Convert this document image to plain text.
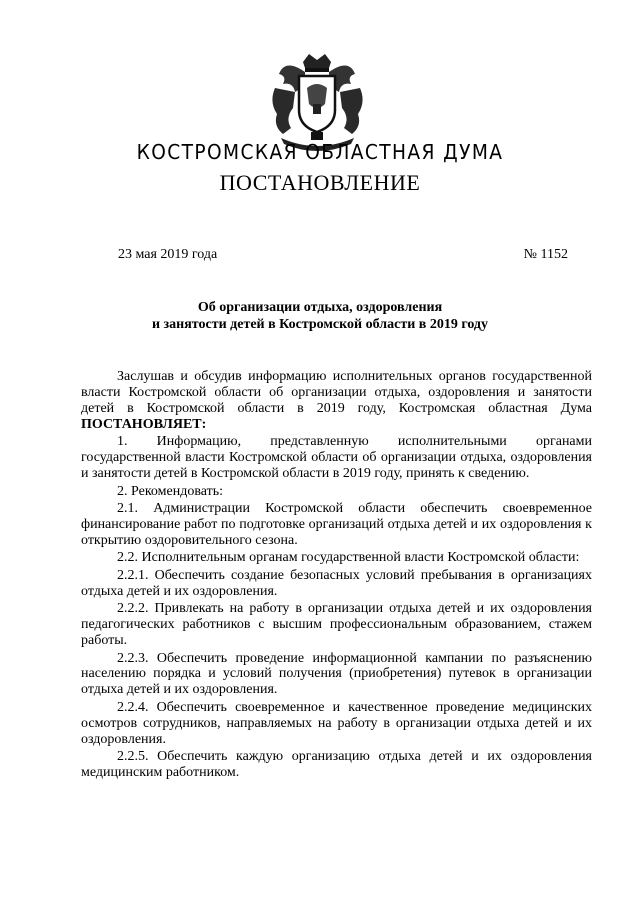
КОСТРОМСКАЯ ОБЛАСТНАЯ ДУМА
ПОСТАНОВЛЕНИЕ
23 мая 2019 года	№ 1152
Об организации отдыха, оздоровления
и занятости детей в Костромской области в 2019 году

Заслушав и обсудив информацию исполнительных органов государственной власти Костромской области об организации отдыха, оздоровления и занятости детей в Костромской области в 2019 году, Костромская областная Дума ПОСТАНОВЛЯЕТ:

1. Информацию, представленную исполнительными органами государственной власти Костромской области об организации отдыха, оздоровления и занятости детей в Костромской области в 2019 году, принять к сведению.

2. Рекомендовать:

2.1. Администрации Костромской области обеспечить своевременное финансирование работ по подготовке организаций отдыха детей и их оздоровления к открытию оздоровительного сезона.

2.2. Исполнительным органам государственной власти Костромской области:

2.2.1. Обеспечить создание безопасных условий пребывания в организациях отдыха детей и их оздоровления.

2.2.2. Привлекать на работу в организации отдыха детей и их оздоровления педагогических работников с высшим профессиональным образованием, стажем работы.

2.2.3. Обеспечить проведение информационной кампании по разъяснению населению порядка и условий получения (приобретения) путевок в организации отдыха детей и их оздоровления.

2.2.4. Обеспечить своевременное и качественное проведение медицинских осмотров сотрудников, направляемых на работу в организации отдыха детей и их оздоровления.

2.2.5. Обеспечить каждую организацию отдыха детей и их оздоровления медицинским работником.
